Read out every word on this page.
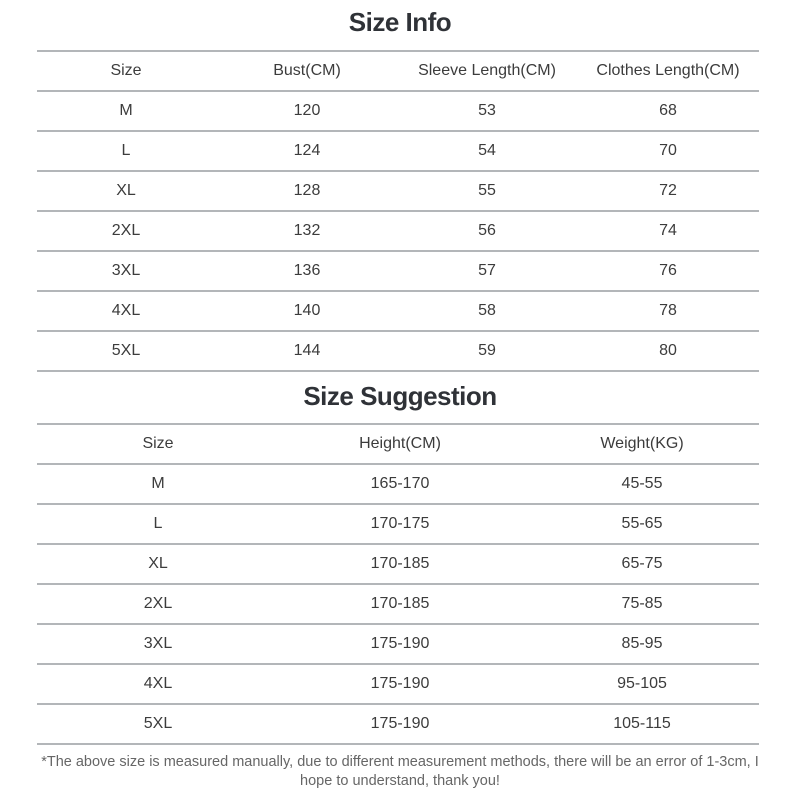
Size Info
Size	Bust(CM)	Sleeve Length(CM)	Clothes Length(CM)
M	120	53	68
L	124	54	70
XL	128	55	72
2XL	132	56	74
3XL	136	57	76
4XL	140	58	78
5XL	144	59	80
Size Suggestion
Size	Height(CM)	Weight(KG)
M	165-170	45-55
L	170-175	55-65
XL	170-185	65-75
2XL	170-185	75-85
3XL	175-190	85-95
4XL	175-190	95-105
5XL	175-190	105-115
*The above size is measured manually, due to different measurement methods, there will be an error of 1-3cm, I hope to understand, thank you!
